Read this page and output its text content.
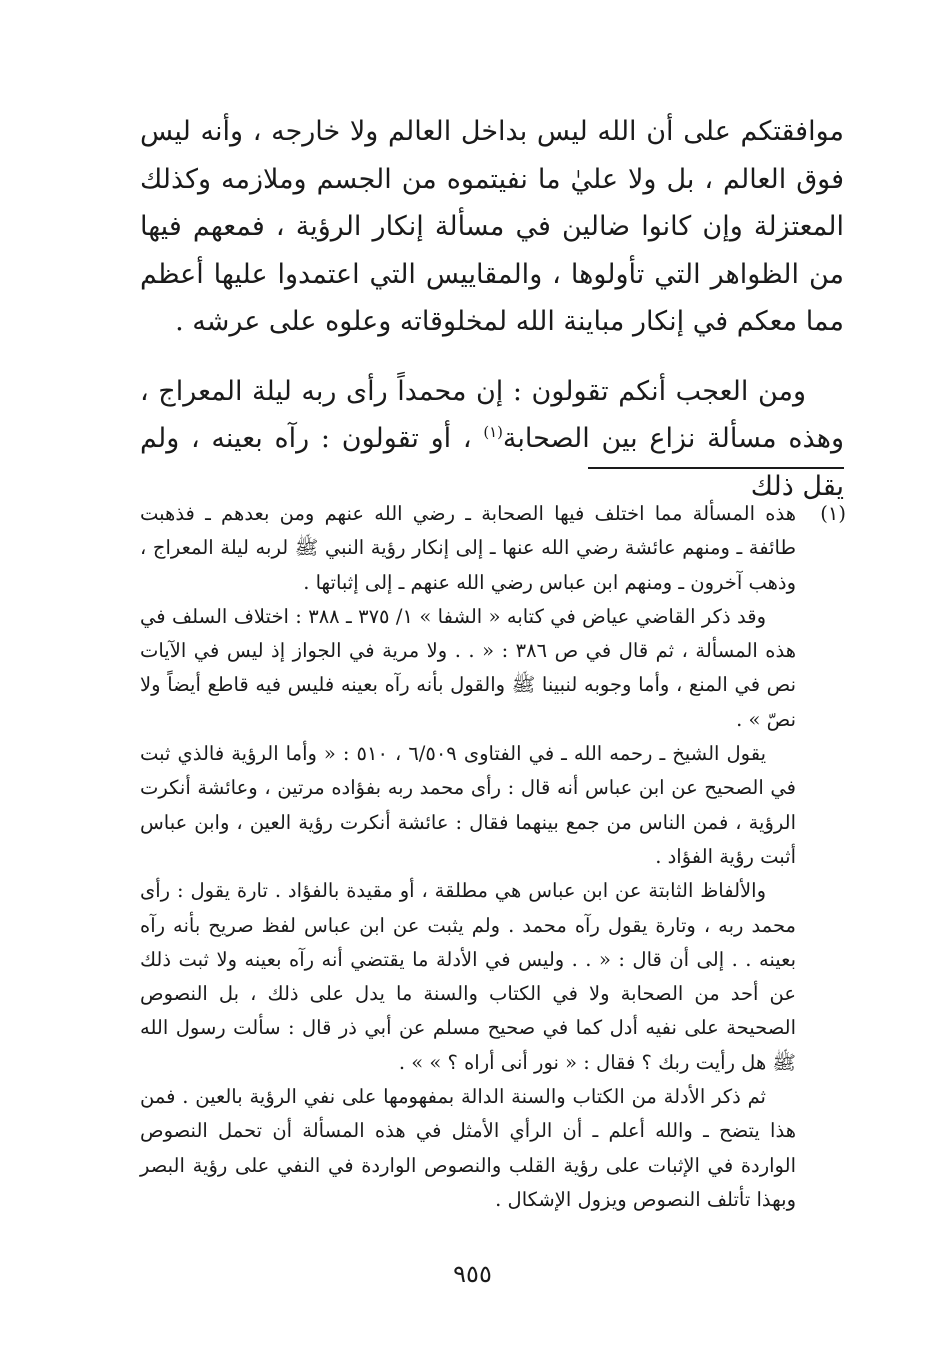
موافقتكم على أن الله ليس بداخل العالم ولا خارجه ، وأنه ليس فوق العالم ، بل ولا عليٰ ما نفيتموه من الجسم وملازمه وكذلك المعتزلة وإن كانوا ضالين في مسألة إنكار الرؤية ، فمعهم فيها من الظواهر التي تأولوها ، والمقاييس التي اعتمدوا عليها أعظم مما معكم في إنكار مباينة الله لمخلوقاته وعلوه على عرشه .

ومن العجب أنكم تقولون : إن محمداً رأى ربه ليلة المعراج ، وهذه مسألة نزاع بين الصحابة$^{(١)}$ ، أو تقولون : رآه بعينه ، ولم يقل ذلك

(١)

هذه المسألة مما اختلف فيها الصحابة ـ رضي الله عنهم ومن بعدهم ـ فذهبت طائفة ـ ومنهم عائشة رضي الله عنها ـ إلى إنكار رؤية النبي ﷺ لربه ليلة المعراج ، وذهب آخرون ـ ومنهم ابن عباس رضي الله عنهم ـ إلى إثباتها .

وقد ذكر القاضي عياض في كتابه « الشفا » ١/ ٣٧٥ ـ ٣٨٨ : اختلاف السلف في هذه المسألة ، ثم قال في ص ٣٨٦ : « . . ولا مرية في الجواز إذ ليس في الآيات نص في المنع ، وأما وجوبه لنبينا ﷺ والقول بأنه رآه بعينه فليس فيه قاطع أيضاً ولا نصّ » .

يقول الشيخ ـ رحمه الله ـ في الفتاوى ٦/٥٠٩ ، ٥١٠ : « وأما الرؤية فالذي ثبت في الصحيح عن ابن عباس أنه قال : رأى محمد ربه بفؤاده مرتين ، وعائشة أنكرت الرؤية ، فمن الناس من جمع بينهما فقال : عائشة أنكرت رؤية العين ، وابن عباس أثبت رؤية الفؤاد .

والألفاظ الثابتة عن ابن عباس هي مطلقة ، أو مقيدة بالفؤاد . تارة يقول : رأى محمد ربه ، وتارة يقول رآه محمد . ولم يثبت عن ابن عباس لفظ صريح بأنه رآه بعينه . . إلى أن قال : « . . وليس في الأدلة ما يقتضي أنه رآه بعينه ولا ثبت ذلك عن أحد من الصحابة ولا في الكتاب والسنة ما يدل على ذلك ، بل النصوص الصحيحة على نفيه أدل كما في صحيح مسلم عن أبي ذر قال : سألت رسول الله ﷺ هل رأيت ربك ؟ فقال : « نور أنى أراه ؟ » » .

ثم ذكر الأدلة من الكتاب والسنة الدالة بمفهومها على نفي الرؤية بالعين . فمن هذا يتضح ـ والله أعلم ـ أن الرأي الأمثل في هذه المسألة أن تحمل النصوص الواردة في الإثبات على رؤية القلب والنصوص الواردة في النفي على رؤية البصر وبهذا تأتلف النصوص ويزول الإشكال .

٩٥٥
